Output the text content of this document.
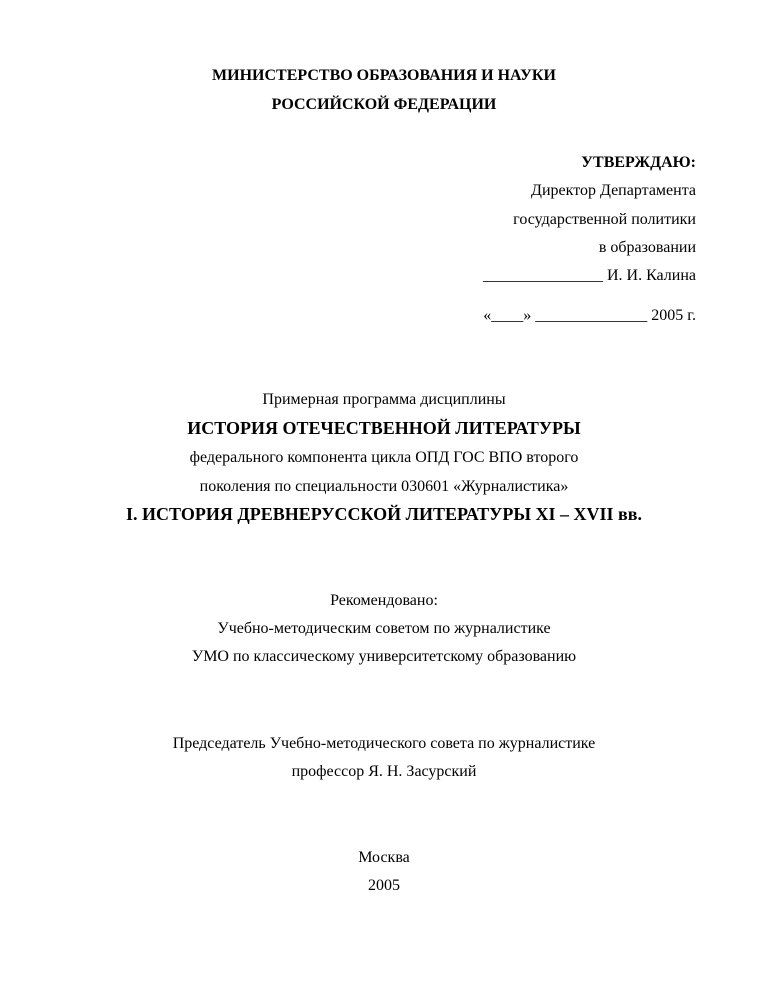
МИНИСТЕРСТВО ОБРАЗОВАНИЯ И НАУКИ
РОССИЙСКОЙ ФЕДЕРАЦИИ
УТВЕРЖДАЮ:
Директор Департамента
государственной политики
в образовании
_______________ И. И. Калина
«____» ______________ 2005 г.
Примерная программа дисциплины
ИСТОРИЯ ОТЕЧЕСТВЕННОЙ ЛИТЕРАТУРЫ
федерального компонента цикла ОПД ГОС ВПО второго
поколения по специальности 030601 «Журналистика»
I. ИСТОРИЯ ДРЕВНЕРУССКОЙ ЛИТЕРАТУРЫ XI – XVII вв.
Рекомендовано:
Учебно-методическим советом по журналистике
УМО по классическому университетскому образованию
Председатель Учебно-методического совета по журналистике
профессор Я. Н. Засурский
Москва
2005
